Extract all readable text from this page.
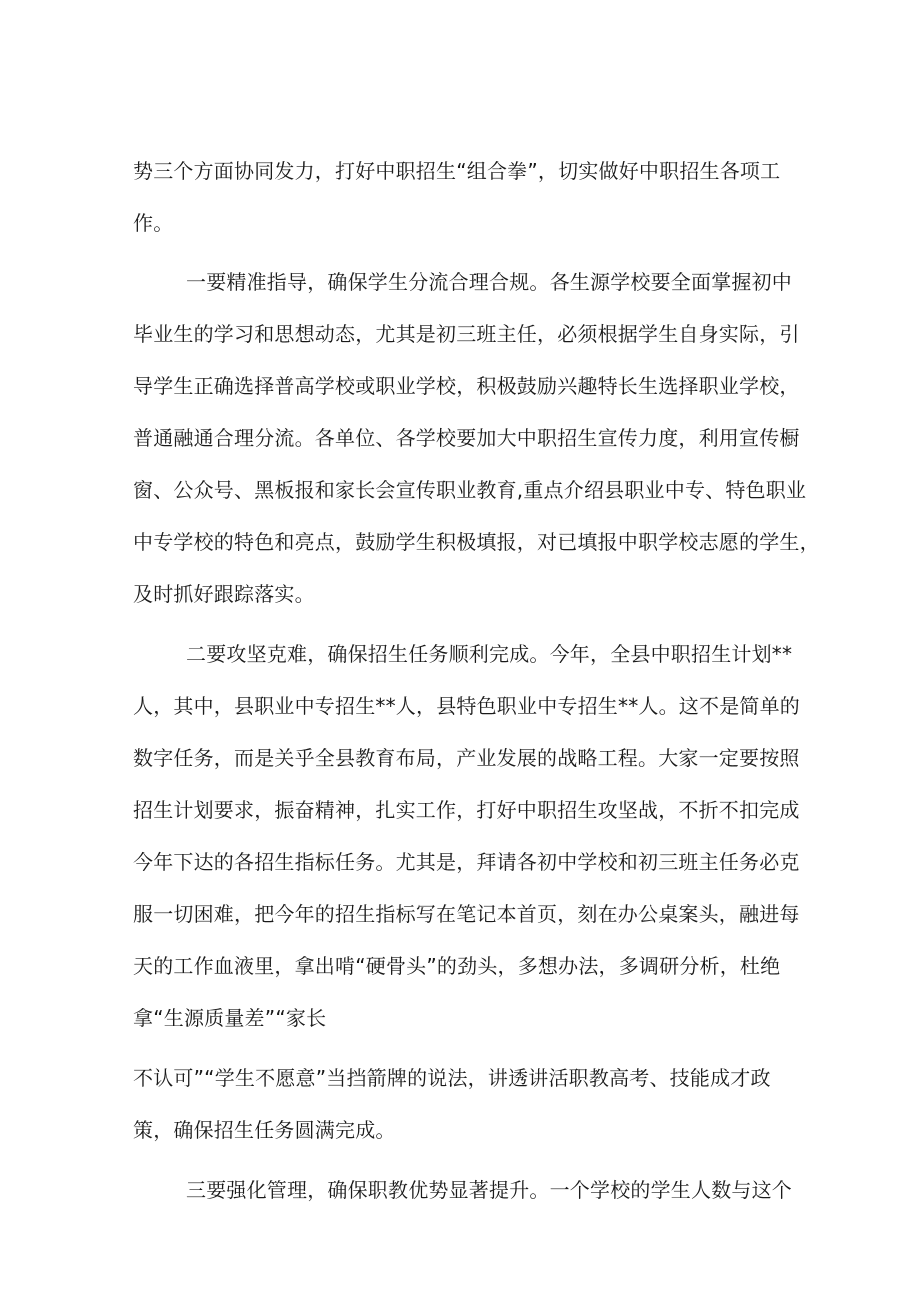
势三个方面协同发力，打好中职招生“组合拳”，切实做好中职招生各项工
作。
一要精准指导，确保学生分流合理合规。各生源学校要全面掌握初中
毕业生的学习和思想动态，尤其是初三班主任，必须根据学生自身实际，引
导学生正确选择普高学校或职业学校，积极鼓励兴趣特长生选择职业学校，
普通融通合理分流。各单位、各学校要加大中职招生宣传力度，利用宣传橱
窗、公众号、黑板报和家长会宣传职业教育,重点介绍县职业中专、特色职业
中专学校的特色和亮点，鼓励学生积极填报，对已填报中职学校志愿的学生，
及时抓好跟踪落实。
二要攻坚克难，确保招生任务顺利完成。今年，全县中职招生计划**
人，其中，县职业中专招生**人，县特色职业中专招生**人。这不是简单的
数字任务，而是关乎全县教育布局，产业发展的战略工程。大家一定要按照
招生计划要求，振奋精神，扎实工作，打好中职招生攻坚战，不折不扣完成
今年下达的各招生指标任务。尤其是，拜请各初中学校和初三班主任务必克
服一切困难，把今年的招生指标写在笔记本首页，刻在办公桌案头，融进每
天的工作血液里，拿出啃“硬骨头”的劲头，多想办法，多调研分析，杜绝
拿“生源质量差”“家长
不认可”“学生不愿意”当挡箭牌的说法，讲透讲活职教高考、技能成才政
策，确保招生任务圆满完成。
三要强化管理，确保职教优势显著提升。一个学校的学生人数与这个
